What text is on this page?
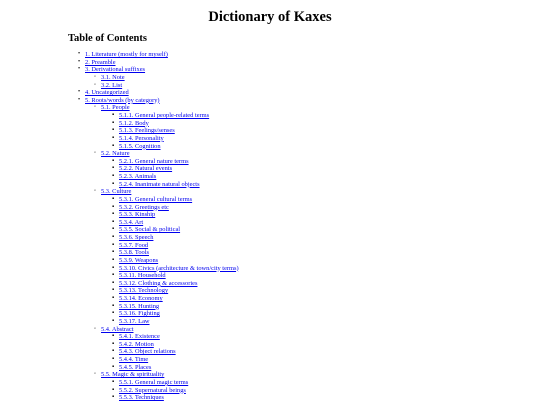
Dictionary of Kaxes
Table of Contents
• 1. Literature (mostly for myself)
• 2. Preamble
• 3. Derivational suffixes
◦ 3.1. Note
◦ 3.2. List
• 4. Uncategorized
• 5. Roots/words (by category)
◦ 5.1. People
▪ 5.1.1. General people-related terms
▪ 5.1.2. Body
▪ 5.1.3. Feelings/senses
▪ 5.1.4. Personality
▪ 5.1.5. Cognition
◦ 5.2. Nature
▪ 5.2.1. General nature terms
▪ 5.2.2. Natural events
▪ 5.2.3. Animals
▪ 5.2.4. Inanimate natural objects
◦ 5.3. Culture
▪ 5.3.1. General cultural terms
▪ 5.3.2. Greetings etc
▪ 5.3.3. Kinship
▪ 5.3.4. Art
▪ 5.3.5. Social & political
▪ 5.3.6. Speech
▪ 5.3.7. Food
▪ 5.3.8. Tools
▪ 5.3.9. Weapons
▪ 5.3.10. Civics (architecture & town/city terms)
▪ 5.3.11. Household
▪ 5.3.12. Clothing & accessories
▪ 5.3.13. Technology
▪ 5.3.14. Economy
▪ 5.3.15. Hunting
▪ 5.3.16. Fighting
▪ 5.3.17. Law
◦ 5.4. Abstract
▪ 5.4.1. Existence
▪ 5.4.2. Motion
▪ 5.4.3. Object relations
▪ 5.4.4. Time
▪ 5.4.5. Places
◦ 5.5. Magic & spirituality
▪ 5.5.1. General magic terms
▪ 5.5.2. Supernatural beings
▪ 5.5.3. Techniques
